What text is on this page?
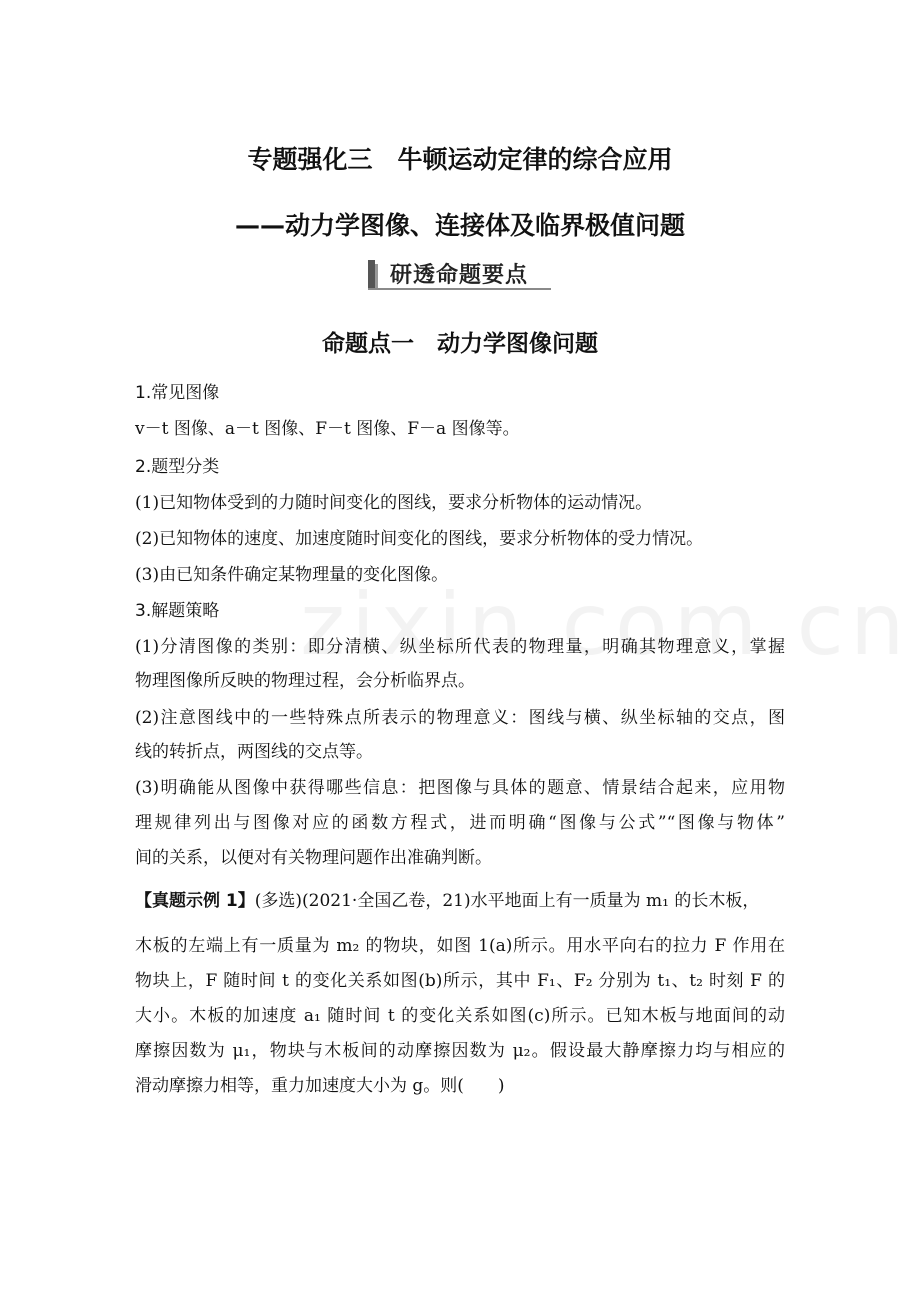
专题强化三　牛顿运动定律的综合应用
——动力学图像、连接体及临界极值问题
研透命题要点
命题点一　动力学图像问题
1.常见图像
v－t 图像、a－t 图像、F－t 图像、F－a 图像等。
2.题型分类
(1)已知物体受到的力随时间变化的图线，要求分析物体的运动情况。
(2)已知物体的速度、加速度随时间变化的图线，要求分析物体的受力情况。
(3)由已知条件确定某物理量的变化图像。
3.解题策略
(1)分清图像的类别：即分清横、纵坐标所代表的物理量，明确其物理意义，掌握
物理图像所反映的物理过程，会分析临界点。
(2)注意图线中的一些特殊点所表示的物理意义：图线与横、纵坐标轴的交点，图
线的转折点，两图线的交点等。
(3)明确能从图像中获得哪些信息：把图像与具体的题意、情景结合起来，应用物
理规律列出与图像对应的函数方程式，进而明确“图像与公式”“图像与物体”
间的关系，以便对有关物理问题作出准确判断。
【真题示例 1】(多选)(2021·全国乙卷，21)水平地面上有一质量为 m₁ 的长木板，
木板的左端上有一质量为 m₂ 的物块，如图 1(a)所示。用水平向右的拉力 F 作用在
物块上，F 随时间 t 的变化关系如图(b)所示，其中 F₁、F₂ 分别为 t₁、t₂ 时刻 F 的
大小。木板的加速度 a₁ 随时间 t 的变化关系如图(c)所示。已知木板与地面间的动
摩擦因数为 μ₁，物块与木板间的动摩擦因数为 μ₂。假设最大静摩擦力均与相应的
滑动摩擦力相等，重力加速度大小为 g。则(　　)
